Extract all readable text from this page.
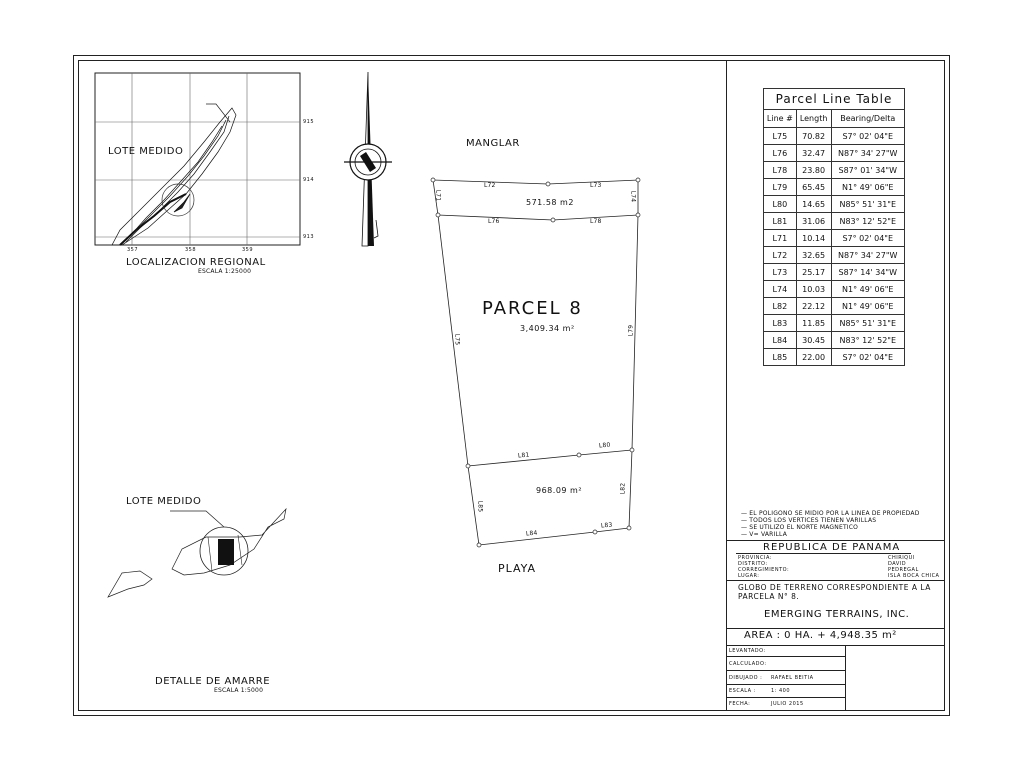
LOTE MEDIDO
915
914
913
357	358	359
LOCALIZACION REGIONAL
ESCALA 1:25000
MANGLAR
L72	L73
L71	L74
571.58 m2
L76	L78
PARCEL 8
3,409.34 m²
L75
L79
L81
L80
968.09 m²
L85
L82
L83
L84
PLAYA
LOTE MEDIDO
DETALLE DE AMARRE
ESCALA 1:5000
Parcel Line Table		
Line #	Length	Bearing/Delta
L75	70.82	S7° 02' 04"E
L76	32.47	N87° 34' 27"W
L78	23.80	S87° 01' 34"W
L79	65.45	N1° 49' 06"E
L80	14.65	N85° 51' 31"E
L81	31.06	N83° 12' 52"E
L71	10.14	S7° 02' 04"E
L72	32.65	N87° 34' 27"W
L73	25.17	S87° 14' 34"W
L74	10.03	N1° 49' 06"E
L82	22.12	N1° 49' 06"E
L83	11.85	N85° 51' 31"E
L84	30.45	N83° 12' 52"E
L85	22.00	S7° 02' 04"E
— EL POLIGONO SE MIDIO POR LA LINEA DE PROPIEDAD
— TODOS LOS VERTICES TIENEN VARILLAS
— SE UTILIZO EL NORTE MAGNETICO
— V= VARILLA
REPUBLICA DE PANAMA
PROVINCIA:	CHIRIQUI
DISTRITO:	DAVID
CORREGIMIENTO:	PEDREGAL
LUGAR:	ISLA BOCA CHICA
GLOBO DE TERRENO CORRESPONDIENTE A LA
PARCELA N° 8.
EMERGING TERRAINS, INC.
AREA : 0 HA. + 4,948.35 m²
LEVANTADO:
CALCULADO:
DIBUJADO : RAFAEL BEITIA
ESCALA :	1: 400
FECHA:	JULIO 2015
